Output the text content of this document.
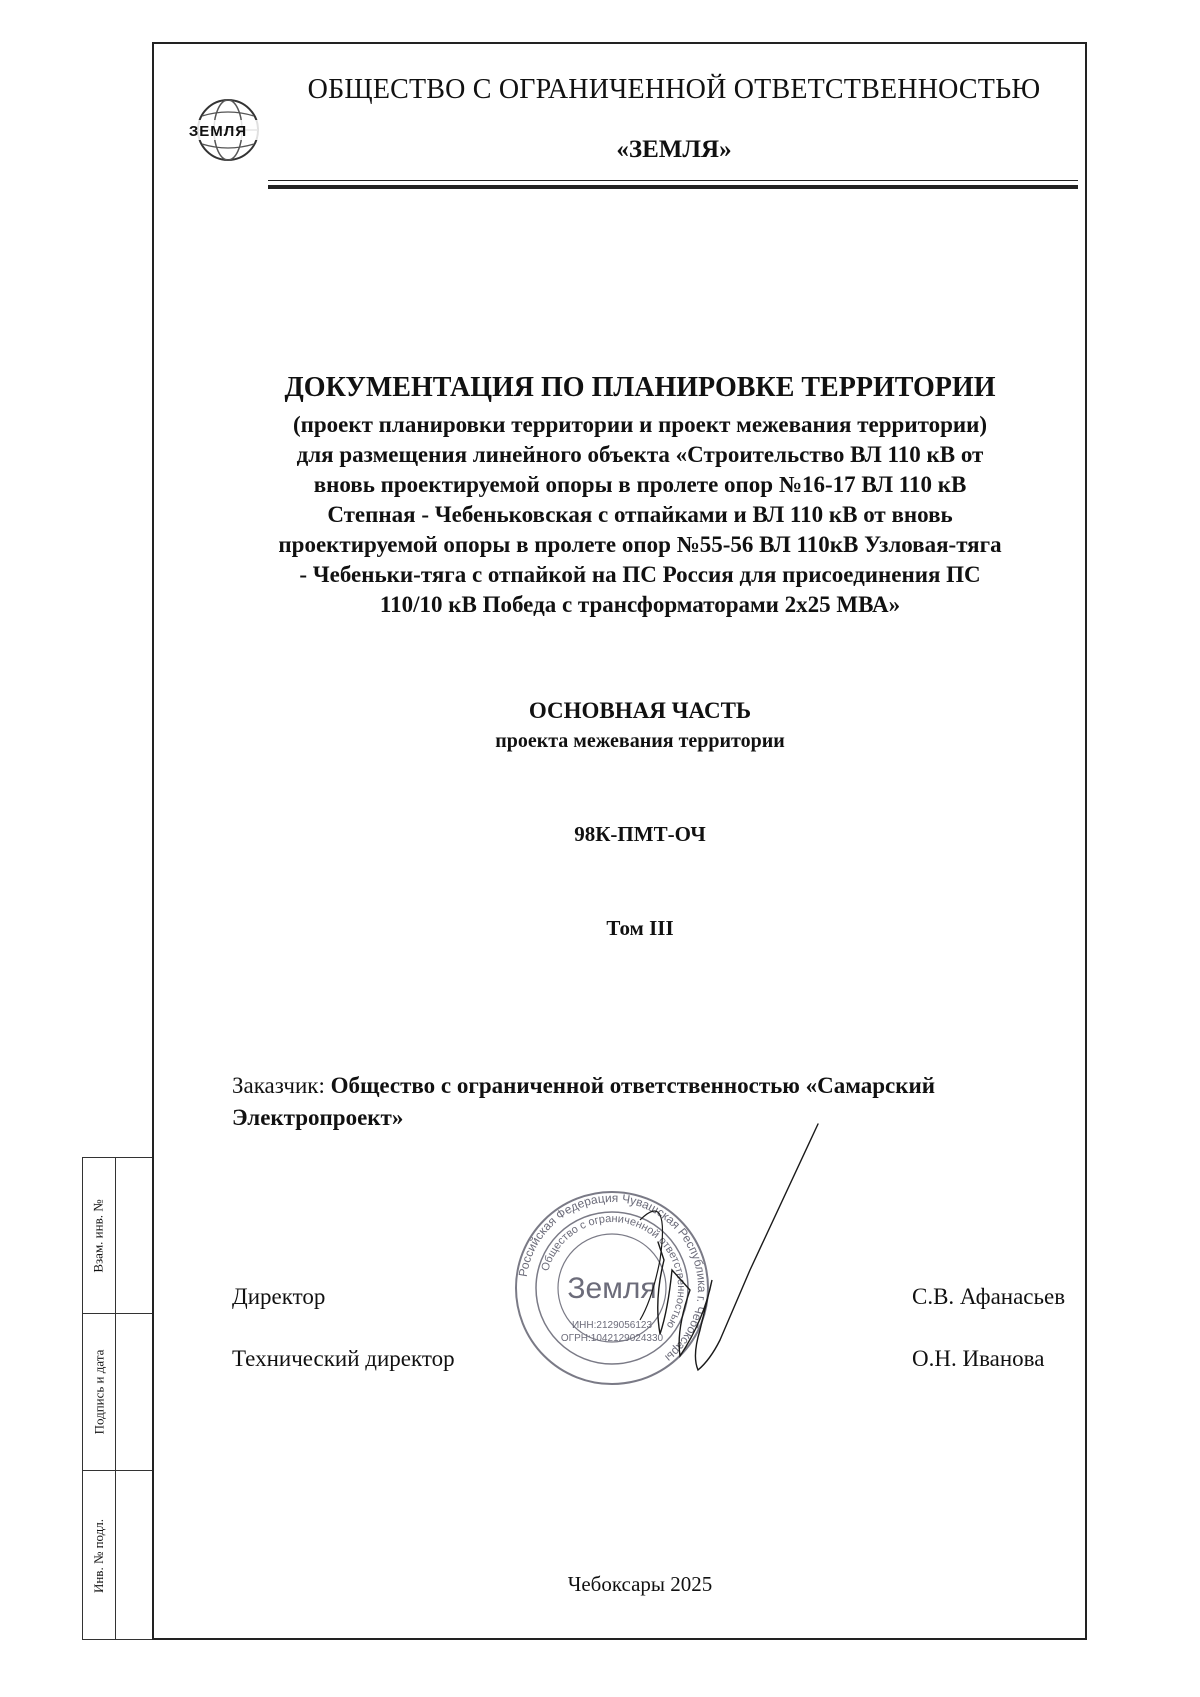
Взам. инв. №
Подпись и дата
Инв. № подл.
ЗЕМЛЯ
ОБЩЕСТВО С ОГРАНИЧЕННОЙ ОТВЕТСТВЕННОСТЬЮ
«ЗЕМЛЯ»
ДОКУМЕНТАЦИЯ ПО ПЛАНИРОВКЕ ТЕРРИТОРИИ
(проект планировки территории и проект межевания территории)
для размещения линейного объекта «Строительство ВЛ 110 кВ от
вновь проектируемой опоры в пролете опор №16-17 ВЛ 110 кВ
Степная - Чебеньковская с отпайками и ВЛ 110 кВ от вновь
проектируемой опоры в пролете опор №55-56 ВЛ 110кВ Узловая-тяга
- Чебеньки-тяга с отпайкой на ПС Россия для присоединения ПС
110/10 кВ Победа с трансформаторами 2х25 МВА»
ОСНОВНАЯ ЧАСТЬ
проекта межевания территории
98К-ПМТ-ОЧ
Том III
Заказчик: Общество с ограниченной ответственностью «Самарский
Электропроект»
Российская Федерация Чувашская Республика г. Чебоксары
Общество с ограниченной ответственностью
Земля
ИНН:2129056123
ОГРН:1042129024330
Директор	С.В. Афанасьев
Технический директор	О.Н. Иванова
Чебоксары 2025
